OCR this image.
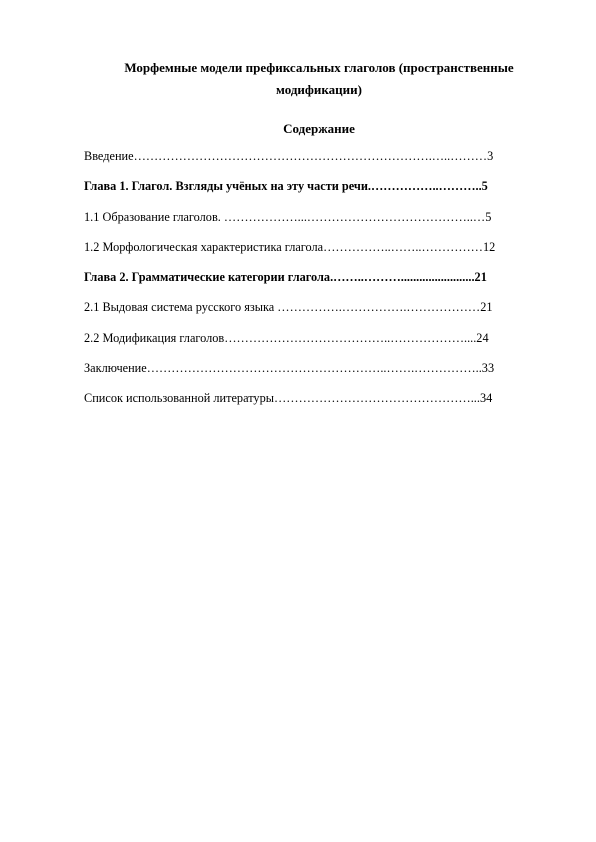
Морфемные модели префиксальных глаголов (пространственные модификации)
Содержание
Введение……………………………………………………………….…..………3
Глава 1. Глагол. Взгляды учёных на эту части речи.……………..………..5
1.1 Образование глаголов. ………………...…………………………………..…5
1.2 Морфологическая характеристика глагола……………..……..……………12
Глава 2. Грамматические категории глагола.……..………........................21
2.1 Выдовая система русского языка …………….…………….………………21
2.2 Модификация глаголов…………………………………..………………....24
Заключение…………………………………………………..…….……………..33
Список использованной литературы…………………………………………...34
